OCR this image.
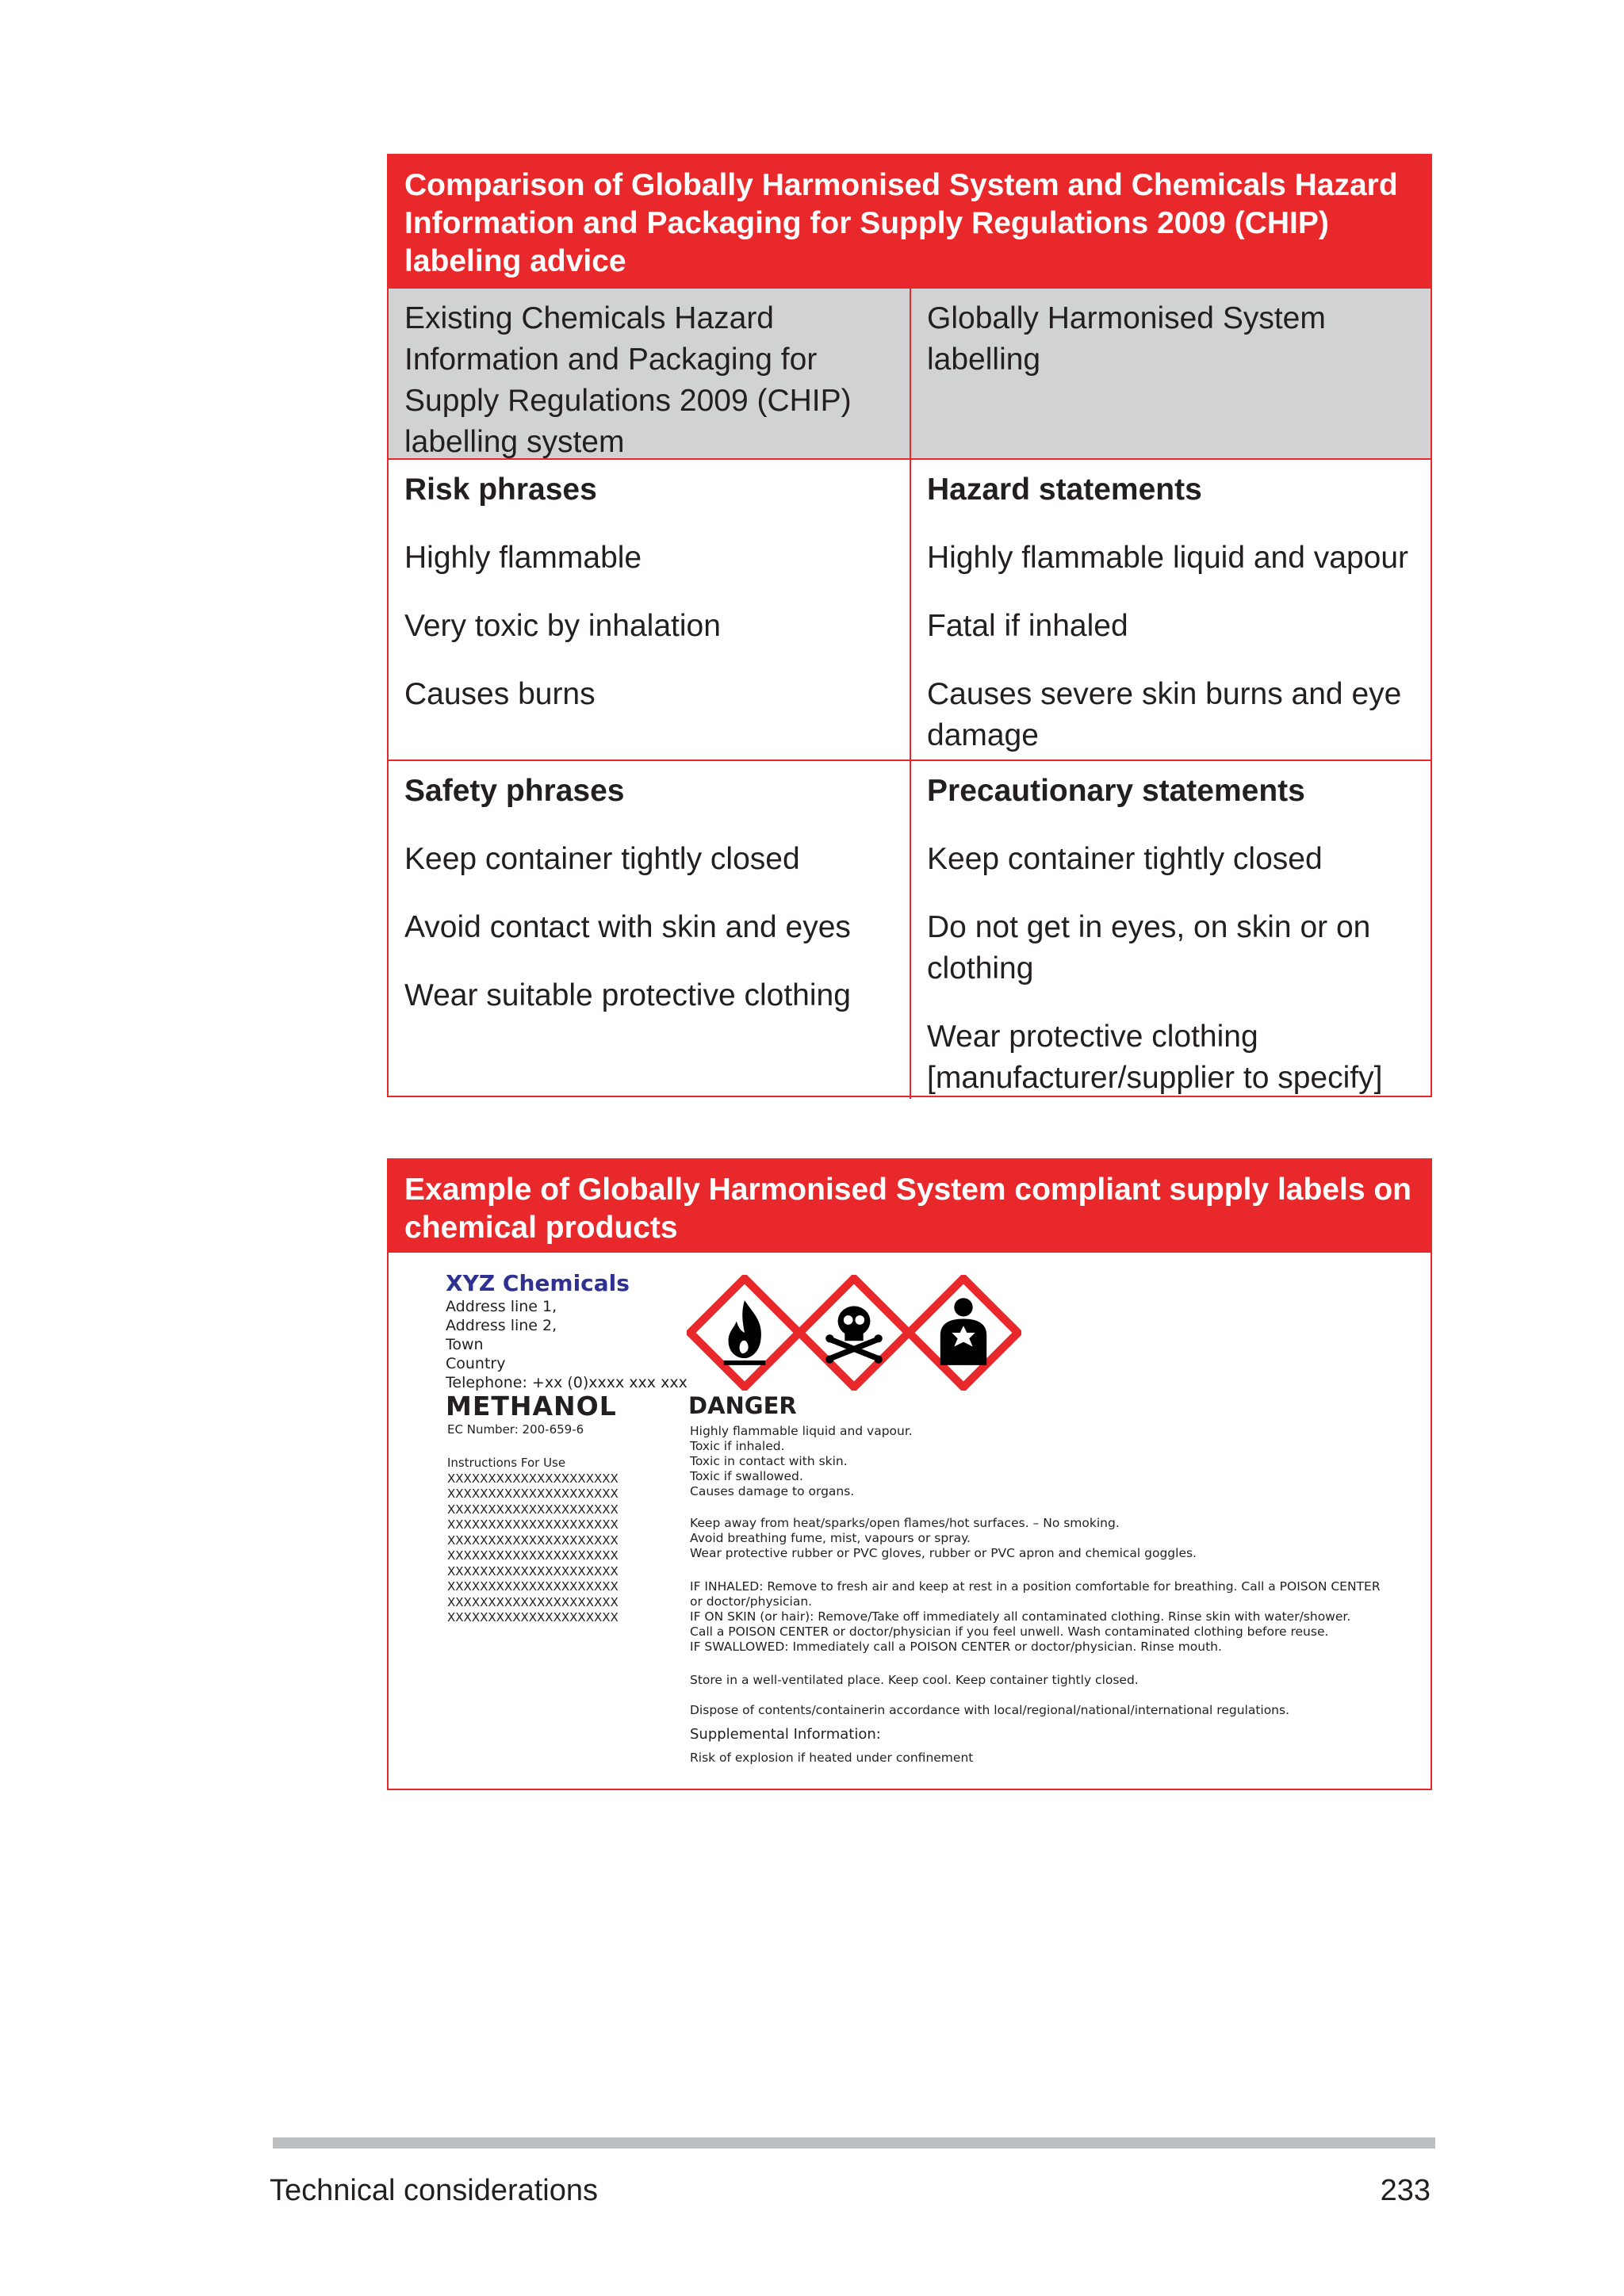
Comparison of Globally Harmonised System and Chemicals Hazard Information and Packaging for Supply Regulations 2009 (CHIP) labeling advice
Existing Chemicals Hazard Information and Packaging for Supply Regulations 2009 (CHIP) labelling system
Globally Harmonised System labelling
Risk phrases
Highly flammable
Very toxic by inhalation
Causes burns
Hazard statements
Highly flammable liquid and vapour
Fatal if inhaled
Causes severe skin burns and eye damage
Safety phrases
Keep container tightly closed
Avoid contact with skin and eyes
Wear suitable protective clothing
Precautionary statements
Keep container tightly closed
Do not get in eyes, on skin or on clothing
Wear protective clothing [manufacturer/supplier to specify]
Example of Globally Harmonised System compliant supply labels on chemical products
XYZ Chemicals
Address line 1,
Address line 2,
Town
Country
Telephone: +xx (0)xxxx xxx xxx
METHANOL
EC Number: 200-659-6
Instructions For Use
XXXXXXXXXXXXXXXXXXXXX
XXXXXXXXXXXXXXXXXXXXX
XXXXXXXXXXXXXXXXXXXXX
XXXXXXXXXXXXXXXXXXXXX
XXXXXXXXXXXXXXXXXXXXX
XXXXXXXXXXXXXXXXXXXXX
XXXXXXXXXXXXXXXXXXXXX
XXXXXXXXXXXXXXXXXXXXX
XXXXXXXXXXXXXXXXXXXXX
XXXXXXXXXXXXXXXXXXXXX
DANGER
Highly flammable liquid and vapour.
Toxic if inhaled.
Toxic in contact with skin.
Toxic if swallowed.
Causes damage to organs.
Keep away from heat/sparks/open flames/hot surfaces. – No smoking.
Avoid breathing fume, mist, vapours or spray.
Wear protective rubber or PVC gloves, rubber or PVC apron and chemical goggles.
IF INHALED: Remove to fresh air and keep at rest in a position comfortable for breathing. Call a POISON CENTER
or doctor/physician.
IF ON SKIN (or hair): Remove/Take off immediately all contaminated clothing. Rinse skin with water/shower.
Call a POISON CENTER or doctor/physician if you feel unwell. Wash contaminated clothing before reuse.
IF SWALLOWED: Immediately call a POISON CENTER or doctor/physician. Rinse mouth.
Store in a well-ventilated place. Keep cool. Keep container tightly closed.
Dispose of contents/containerin accordance with local/regional/national/international regulations.
Supplemental Information:
Risk of explosion if heated under confinement
Technical considerations	233
